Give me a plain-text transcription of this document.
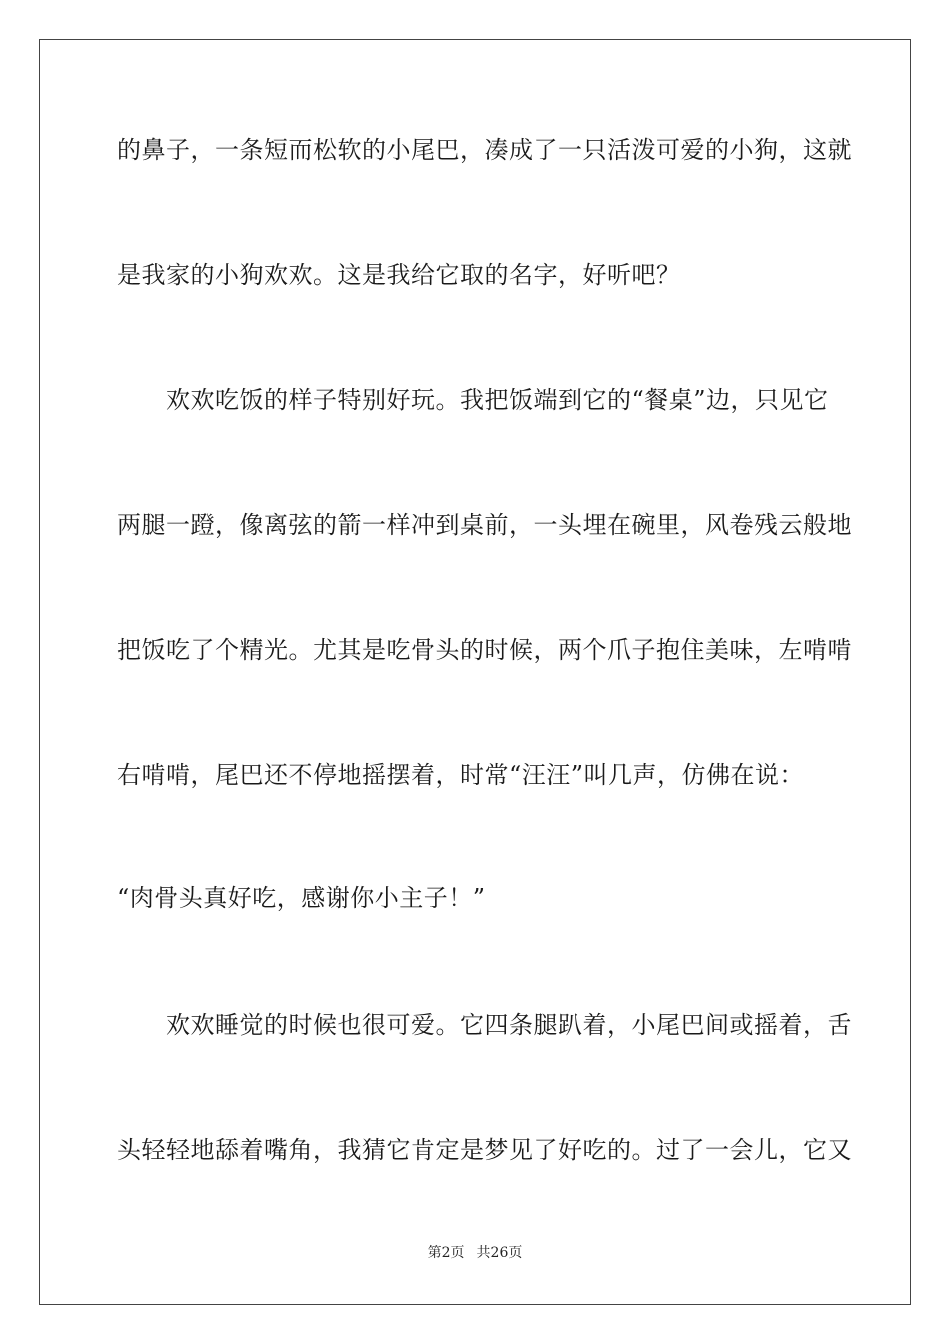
的鼻子，一条短而松软的小尾巴，凑成了一只活泼可爱的小狗，这就
是我家的小狗欢欢。这是我给它取的名字，好听吧？
　　欢欢吃饭的样子特别好玩。我把饭端到它的“餐桌”边，只见它
两腿一蹬，像离弦的箭一样冲到桌前，一头埋在碗里，风卷残云般地
把饭吃了个精光。尤其是吃骨头的时候，两个爪子抱住美味，左啃啃
右啃啃，尾巴还不停地摇摆着，时常“汪汪”叫几声，仿佛在说：
“肉骨头真好吃，感谢你小主子！”
　　欢欢睡觉的时候也很可爱。它四条腿趴着，小尾巴间或摇着，舌
头轻轻地舔着嘴角，我猜它肯定是梦见了好吃的。过了一会儿，它又
第2页 共26页
